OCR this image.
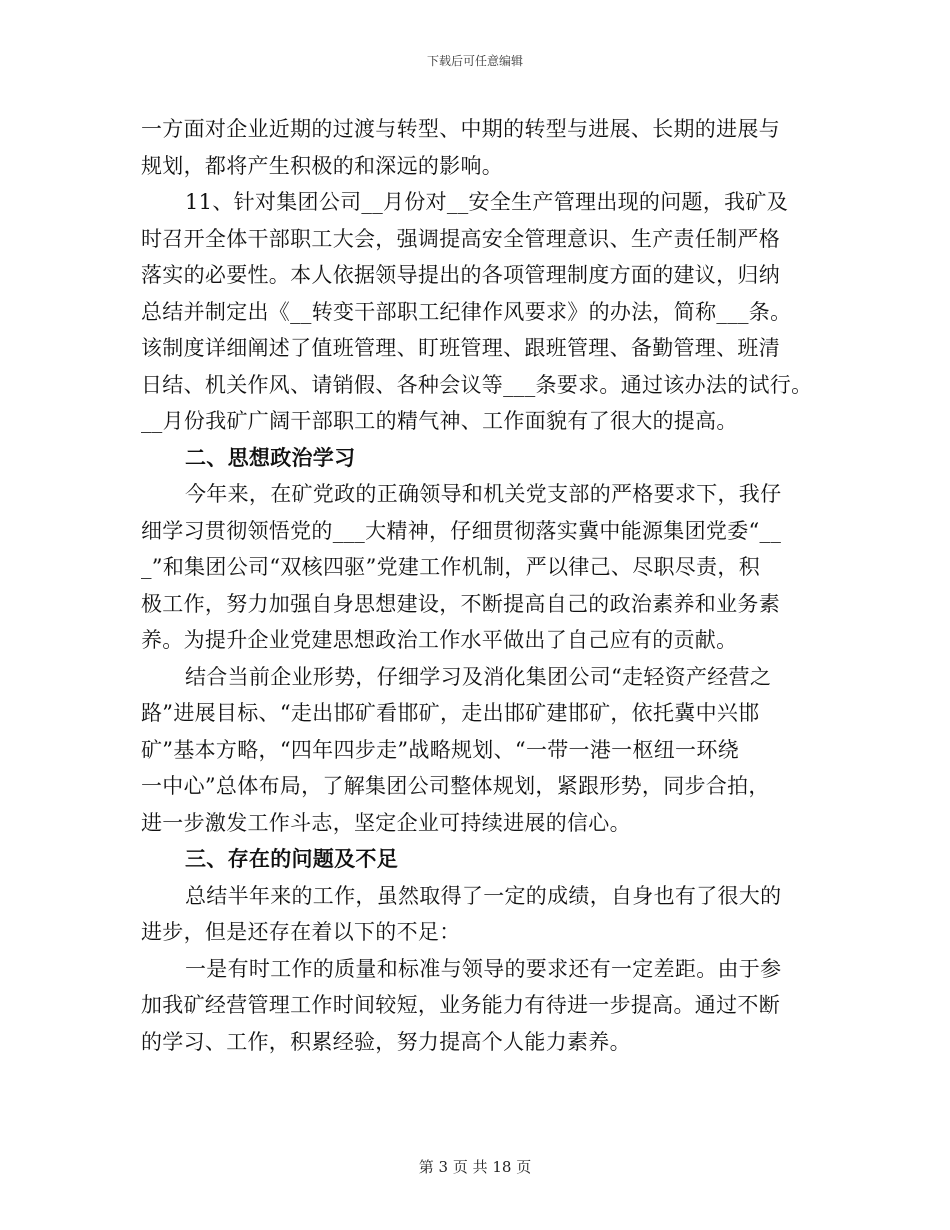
下载后可任意编辑
一方面对企业近期的过渡与转型、中期的转型与进展、长期的进展与
规划，都将产生积极的和深远的影响。
11、针对集团公司__月份对__安全生产管理出现的问题，我矿及
时召开全体干部职工大会，强调提高安全管理意识、生产责任制严格
落实的必要性。本人依据领导提出的各项管理制度方面的建议，归纳
总结并制定出《__转变干部职工纪律作风要求》的办法，简称___条。
该制度详细阐述了值班管理、盯班管理、跟班管理、备勤管理、班清
日结、机关作风、请销假、各种会议等___条要求。通过该办法的试行。
__月份我矿广阔干部职工的精气神、工作面貌有了很大的提高。
二、思想政治学习
今年来，在矿党政的正确领导和机关党支部的严格要求下，我仔
细学习贯彻领悟党的___大精神，仔细贯彻落实冀中能源集团党委“__
_”和集团公司“双核四驱”党建工作机制，严以律己、尽职尽责，积
极工作，努力加强自身思想建设，不断提高自己的政治素养和业务素
养。为提升企业党建思想政治工作水平做出了自己应有的贡献。
结合当前企业形势，仔细学习及消化集团公司“走轻资产经营之
路”进展目标、“走出邯矿看邯矿，走出邯矿建邯矿，依托冀中兴邯
矿”基本方略，“四年四步走”战略规划、“一带一港一枢纽一环绕
一中心”总体布局，了解集团公司整体规划，紧跟形势，同步合拍，
进一步激发工作斗志，坚定企业可持续进展的信心。
三、存在的问题及不足
总结半年来的工作，虽然取得了一定的成绩，自身也有了很大的
进步，但是还存在着以下的不足：
一是有时工作的质量和标准与领导的要求还有一定差距。由于参
加我矿经营管理工作时间较短，业务能力有待进一步提高。通过不断
的学习、工作，积累经验，努力提高个人能力素养。
第 3 页 共 18 页
